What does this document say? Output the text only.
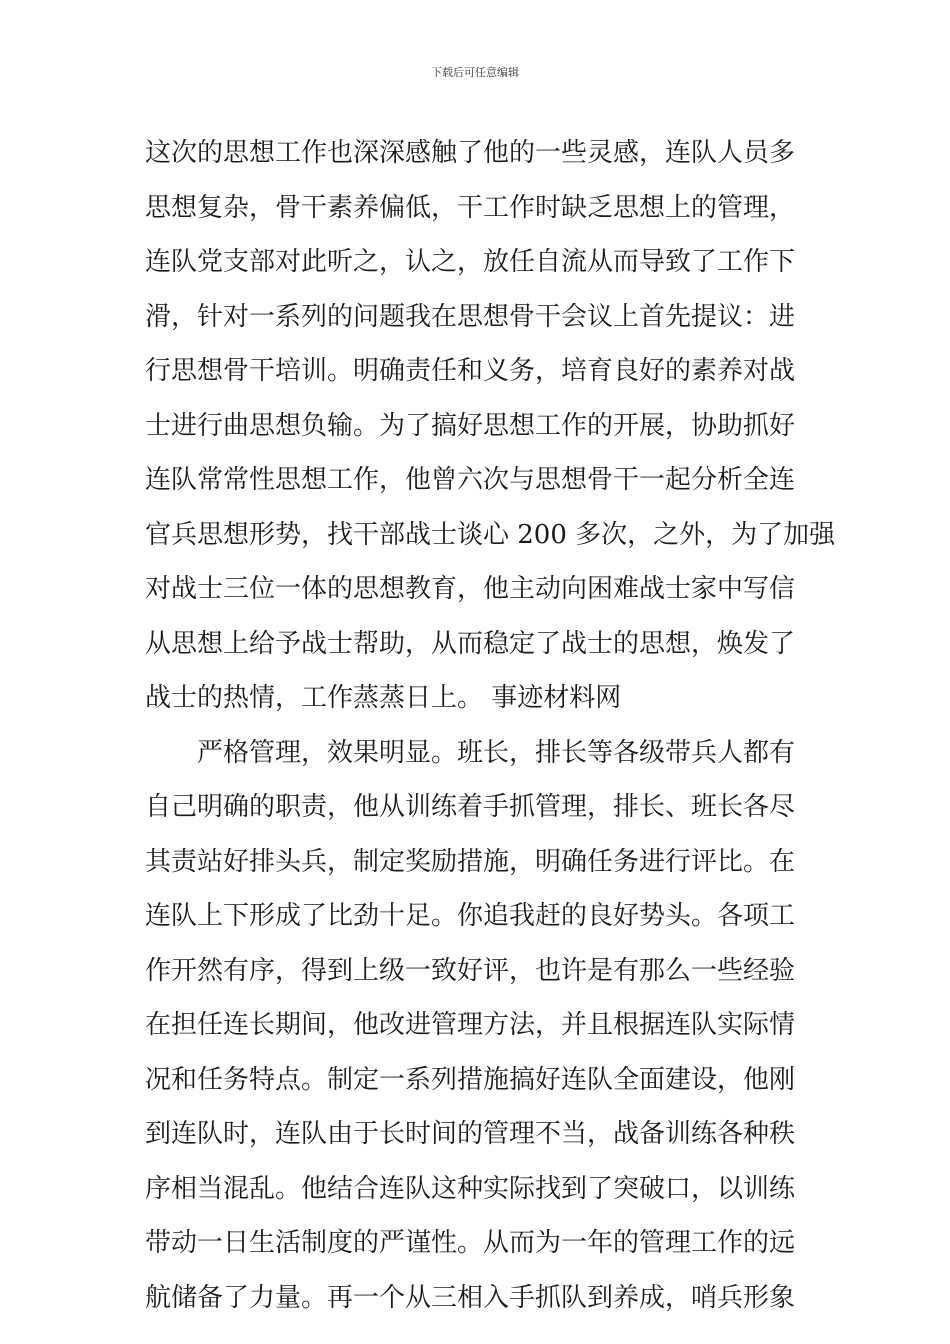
下载后可任意编辑
这次的思想工作也深深感触了他的一些灵感，连队人员多
思想复杂，骨干素养偏低，干工作时缺乏思想上的管理，
连队党支部对此听之，认之，放任自流从而导致了工作下
滑，针对一系列的问题我在思想骨干会议上首先提议：进
行思想骨干培训。明确责任和义务，培育良好的素养对战
士进行曲思想负输。为了搞好思想工作的开展，协助抓好
连队常常性思想工作，他曾六次与思想骨干一起分析全连
官兵思想形势，找干部战士谈心 200 多次，之外，为了加强
对战士三位一体的思想教育，他主动向困难战士家中写信
从思想上给予战士帮助，从而稳定了战士的思想，焕发了
战士的热情，工作蒸蒸日上。 事迹材料网
严格管理，效果明显。班长，排长等各级带兵人都有
自己明确的职责，他从训练着手抓管理，排长、班长各尽
其责站好排头兵，制定奖励措施，明确任务进行评比。在
连队上下形成了比劲十足。你追我赶的良好势头。各项工
作开然有序，得到上级一致好评，也许是有那么一些经验
在担任连长期间，他改进管理方法，并且根据连队实际情
况和任务特点。制定一系列措施搞好连队全面建设，他刚
到连队时，连队由于长时间的管理不当，战备训练各种秩
序相当混乱。他结合连队这种实际找到了突破口，以训练
带动一日生活制度的严谨性。从而为一年的管理工作的远
航储备了力量。再一个从三相入手抓队到养成，哨兵形象
